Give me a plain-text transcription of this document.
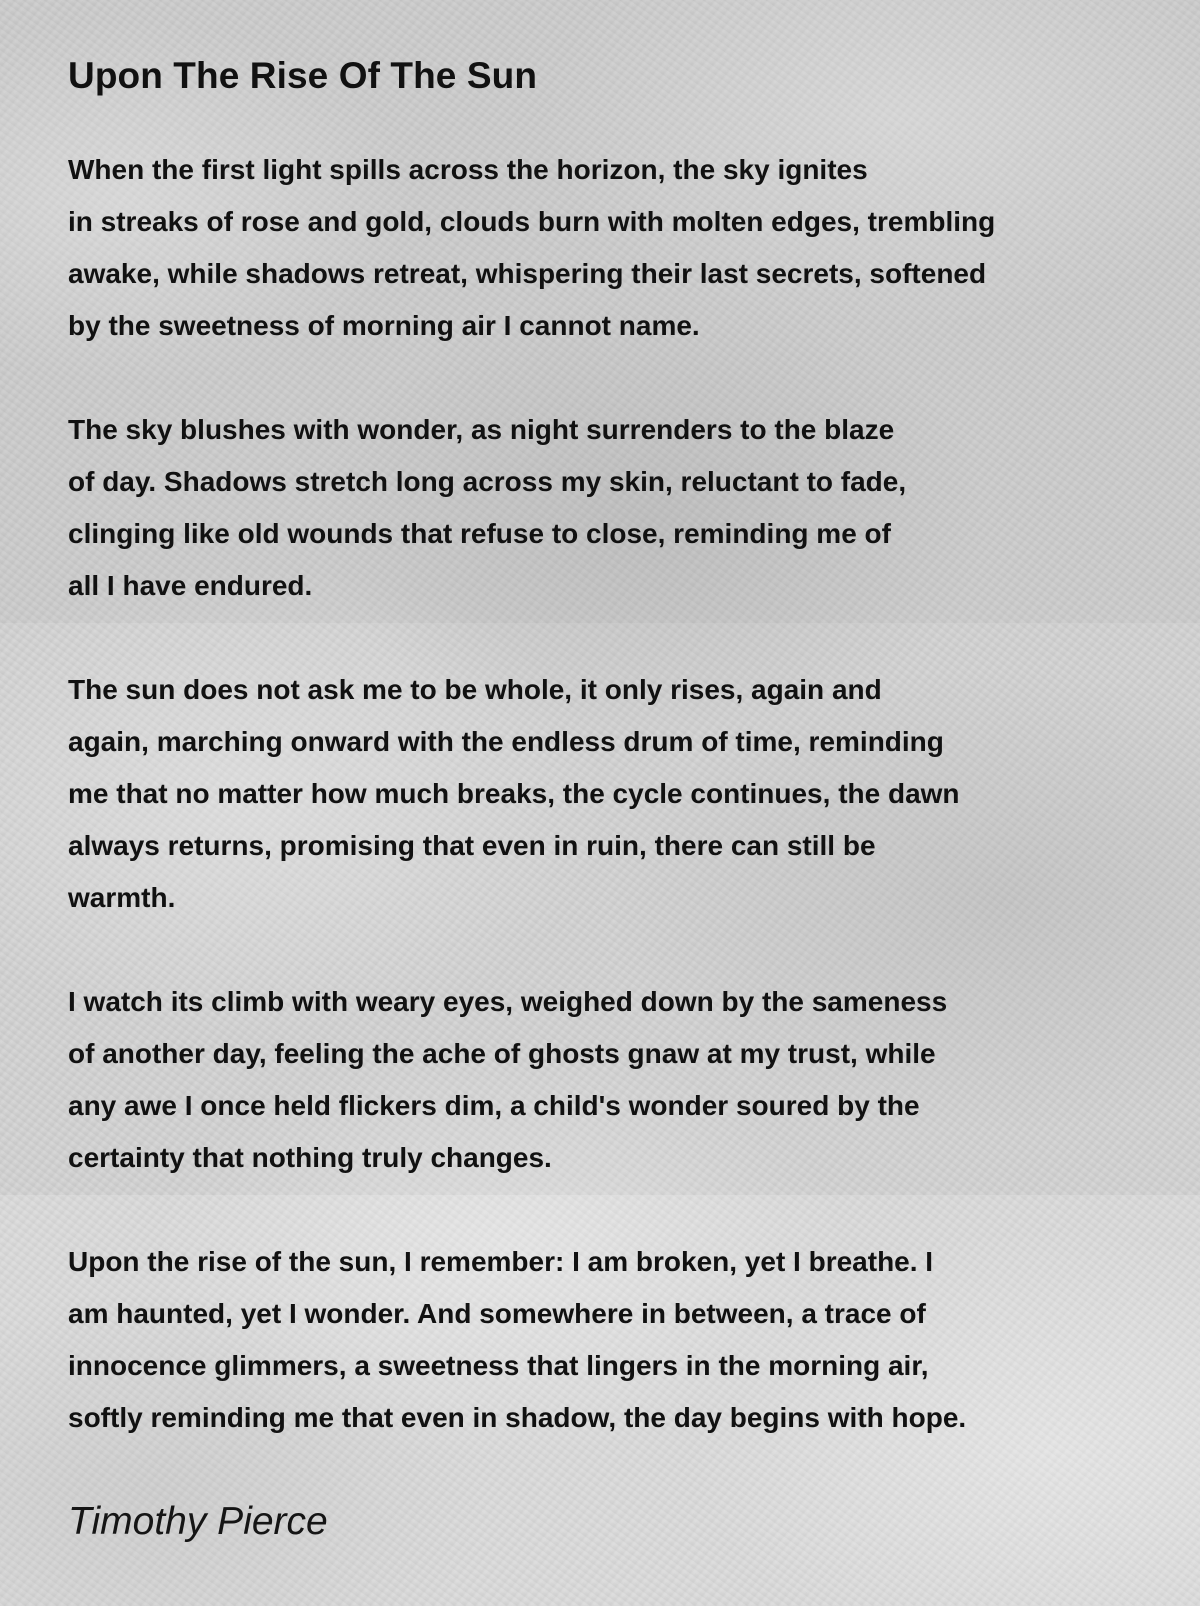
Upon The Rise Of The Sun

When the first light spills across the horizon, the sky ignites
in streaks of rose and gold, clouds burn with molten edges, trembling
awake, while shadows retreat, whispering their last secrets, softened
by the sweetness of morning air I cannot name.

The sky blushes with wonder, as night surrenders to the blaze
of day. Shadows stretch long across my skin, reluctant to fade,
clinging like old wounds that refuse to close, reminding me of
all I have endured.

The sun does not ask me to be whole, it only rises, again and
again, marching onward with the endless drum of time, reminding
me that no matter how much breaks, the cycle continues, the dawn
always returns, promising that even in ruin, there can still be
warmth.

I watch its climb with weary eyes, weighed down by the sameness
of another day, feeling the ache of ghosts gnaw at my trust, while
any awe I once held flickers dim, a child's wonder soured by the
certainty that nothing truly changes.

Upon the rise of the sun, I remember: I am broken, yet I breathe. I
am haunted, yet I wonder. And somewhere in between, a trace of
innocence glimmers, a sweetness that lingers in the morning air,
softly reminding me that even in shadow, the day begins with hope.

Timothy Pierce
